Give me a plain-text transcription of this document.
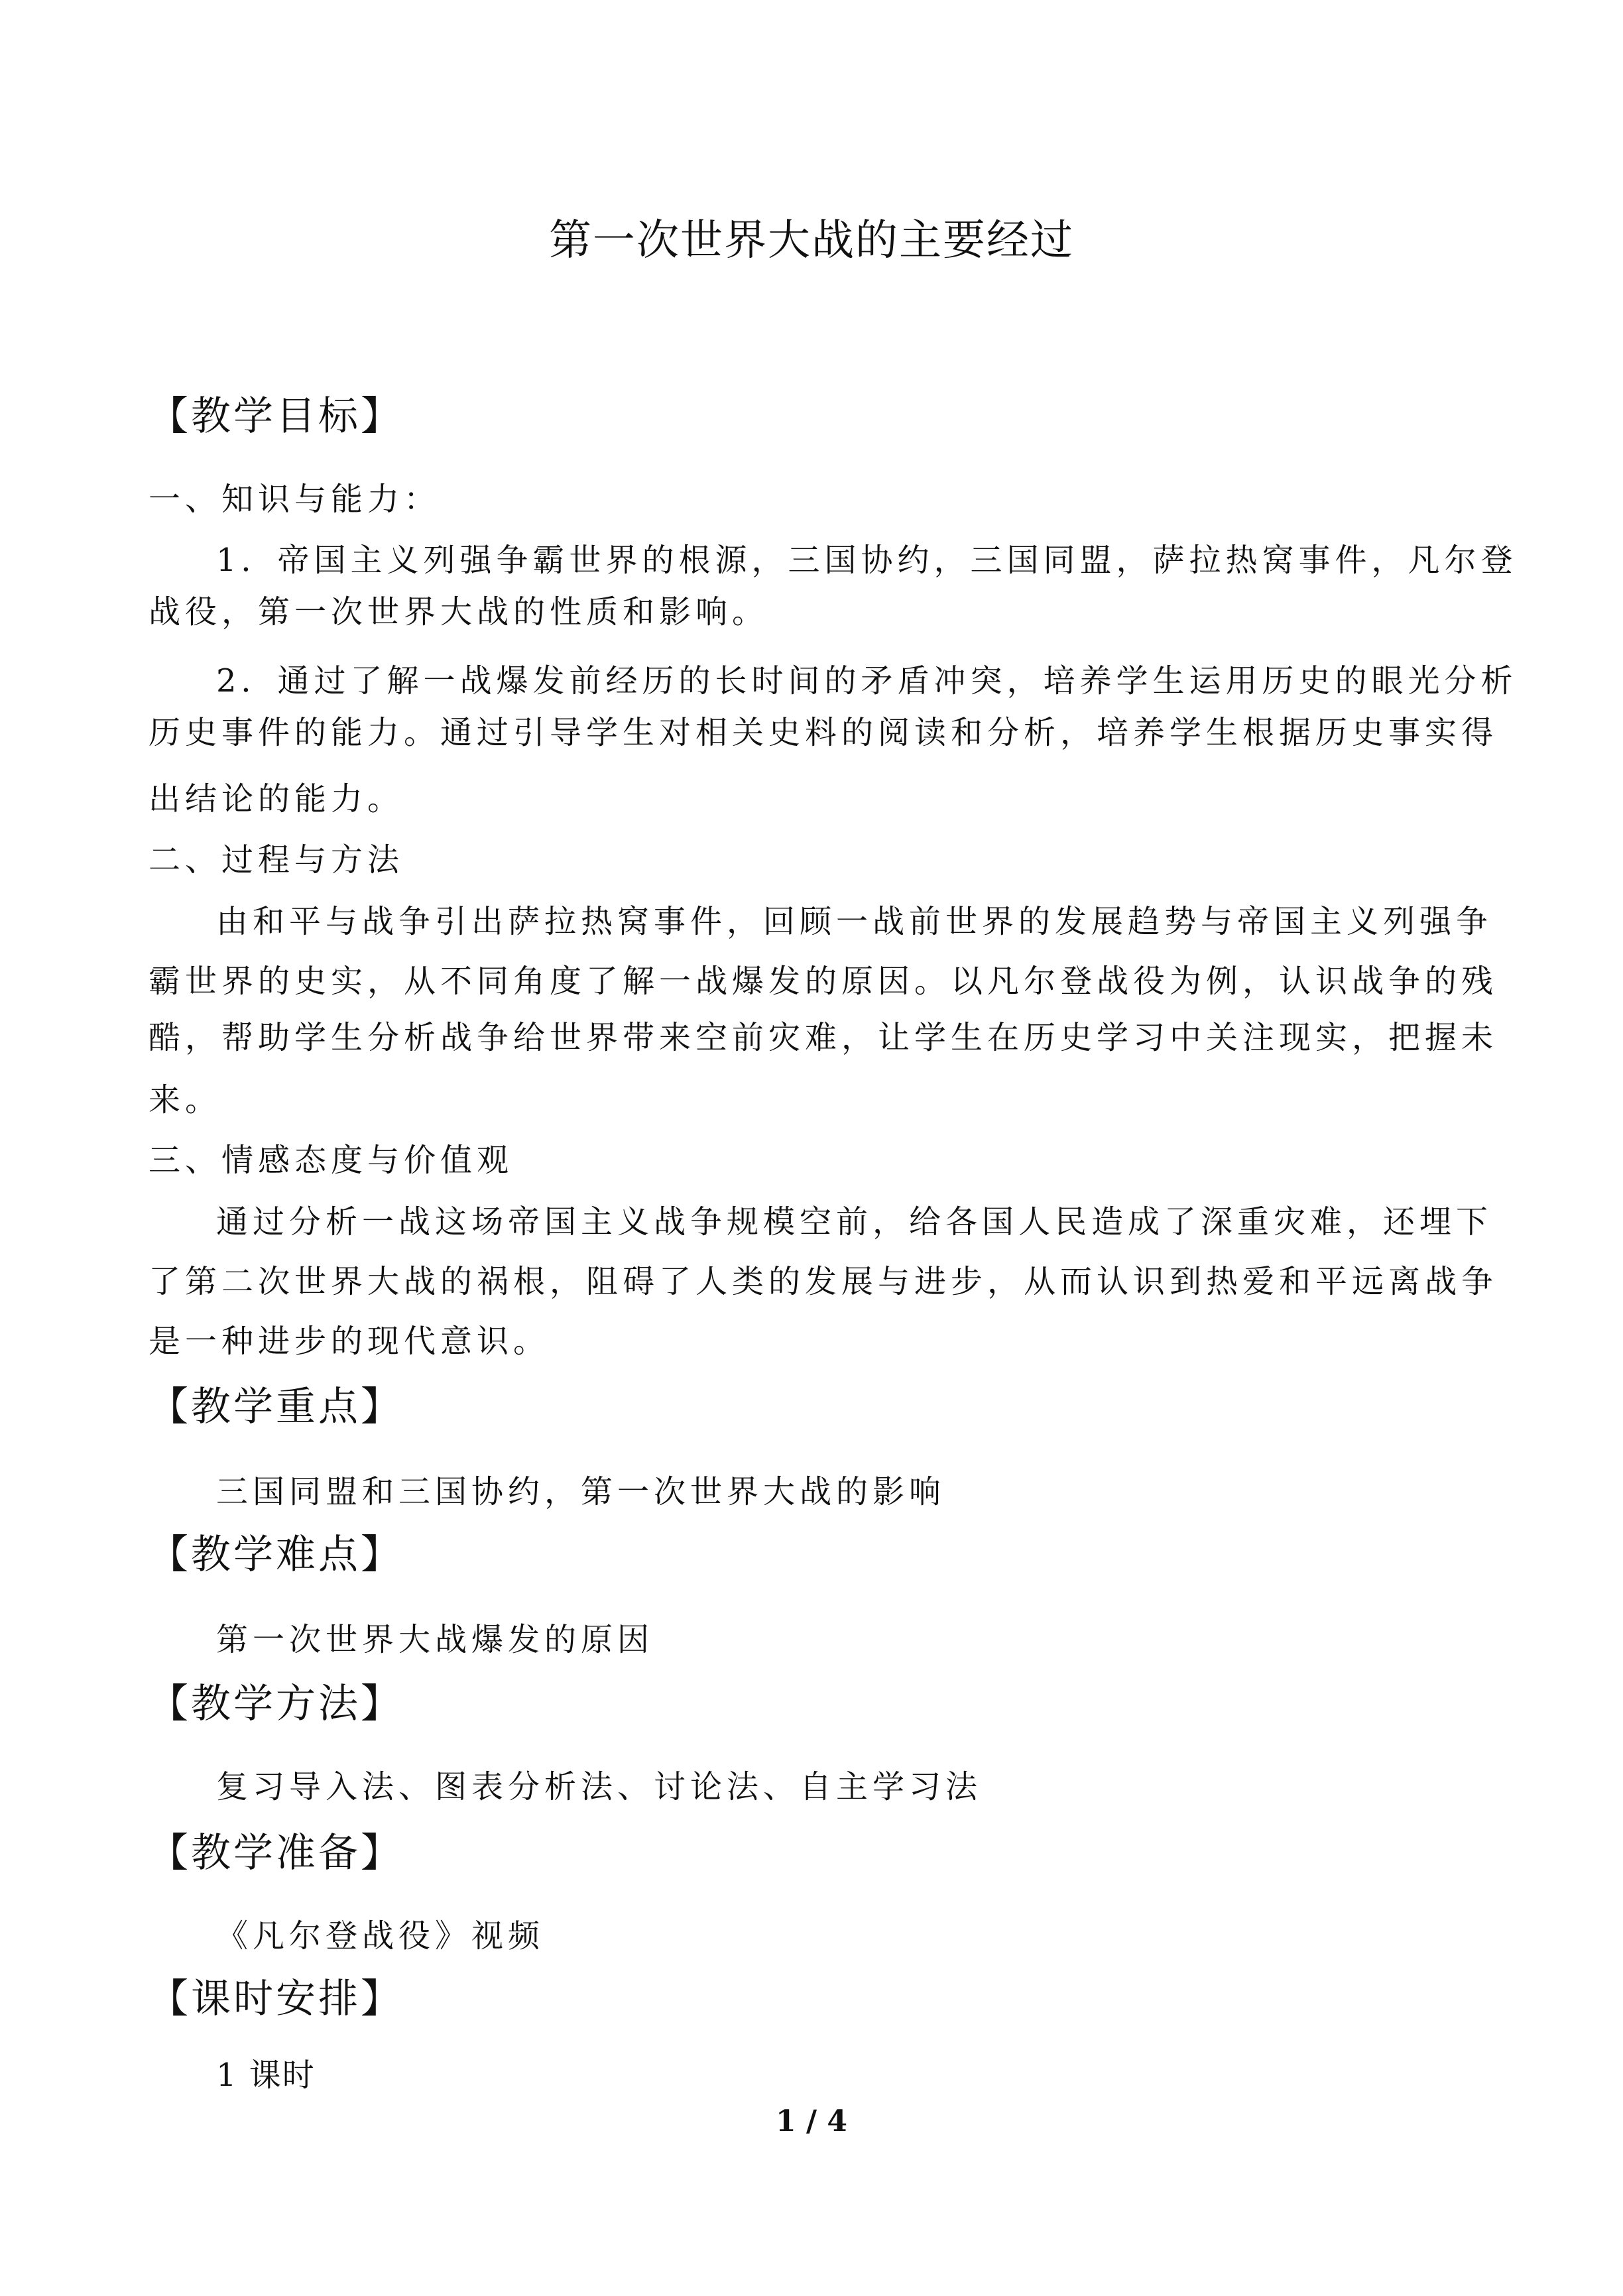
第一次世界大战的主要经过
【教学目标】
一、知识与能力：
1．帝国主义列强争霸世界的根源，三国协约，三国同盟，萨拉热窝事件，凡尔登
战役，第一次世界大战的性质和影响。
2．通过了解一战爆发前经历的长时间的矛盾冲突，培养学生运用历史的眼光分析
历史事件的能力。通过引导学生对相关史料的阅读和分析，培养学生根据历史事实得
出结论的能力。
二、过程与方法
由和平与战争引出萨拉热窝事件，回顾一战前世界的发展趋势与帝国主义列强争
霸世界的史实，从不同角度了解一战爆发的原因。以凡尔登战役为例，认识战争的残
酷，帮助学生分析战争给世界带来空前灾难，让学生在历史学习中关注现实，把握未
来。
三、情感态度与价值观
通过分析一战这场帝国主义战争规模空前，给各国人民造成了深重灾难，还埋下
了第二次世界大战的祸根，阻碍了人类的发展与进步，从而认识到热爱和平远离战争
是一种进步的现代意识。
【教学重点】
三国同盟和三国协约，第一次世界大战的影响
【教学难点】
第一次世界大战爆发的原因
【教学方法】
复习导入法、图表分析法、讨论法、自主学习法
【教学准备】
《凡尔登战役》视频
【课时安排】
1 课时
1 / 4
